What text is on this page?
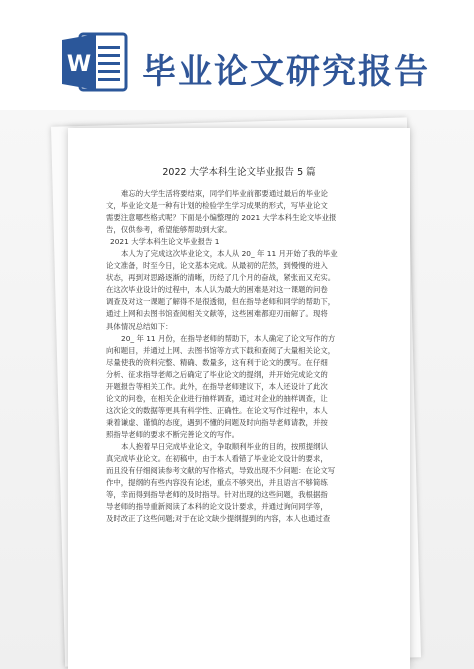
W 毕业论文研究报告
2022 大学本科生论文毕业报告 5 篇

难忘的大学生活将要结束，同学们毕业前都要通过最后的毕业论

文，毕业论文是一种有计划的检验学生学习成果的形式，写毕业论文

需要注意哪些格式呢？下面是小编整理的 2021 大学本科生论文毕业报

告，仅供参考，希望能够帮助到大家。

2021 大学本科生论文毕业报告 1

本人为了完成这次毕业论文，本人从 20_ 年 11 月开始了我的毕业

论文准备，时至今日，论文基本完成。从最初的茫然，到慢慢的进入

状态，再到对思路逐渐的清晰，历经了几个月的奋战，紧张而又充实。

在这次毕业设计的过程中，本人认为最大的困难是对这一课题的问卷

调查及对这一课题了解得不是很透彻，但在指导老师和同学的帮助下，

通过上网和去图书馆查阅相关文献等，这些困难都迎刃而解了。现将

具体情况总结如下：

20_ 年 11 月份，在指导老师的帮助下，本人确定了论文写作的方

向和题目，并通过上网、去图书馆等方式下载和查阅了大量相关论文，

尽量使我的资料完整、精确、数量多，这有利于论文的撰写。在仔细

分析、征求指导老师之后确定了毕业论文的提纲，并开始完成论文的

开题报告等相关工作。此外，在指导老师建议下，本人还设计了此次

论文的问卷，在相关企业进行抽样调查，通过对企业的抽样调查，让

这次论文的数据等更具有科学性、正确性。在论文写作过程中，本人

秉着谦虚、谨慎的态度，遇到不懂的问题及时向指导老师请教，并按

照指导老师的要求不断完善论文的写作。

本人抱着早日完成毕业论文，争取顺利毕业的目的，按照提纲认

真完成毕业论文。在初稿中，由于本人看错了毕业论文设计的要求，

而且没有仔细阅读参考文献的写作格式，导致出现不少问题：在论文写

作中，提纲的有些内容没有论述，重点不够突出，并且语言不够简练

等，幸而得到指导老师的及时指导。针对出现的这些问题，我根据指

导老师的指导重新阅读了本科的论文设计要求，并通过询问同学等，

及时改正了这些问题;对于在论文缺少提纲提到的内容，本人也通过查
